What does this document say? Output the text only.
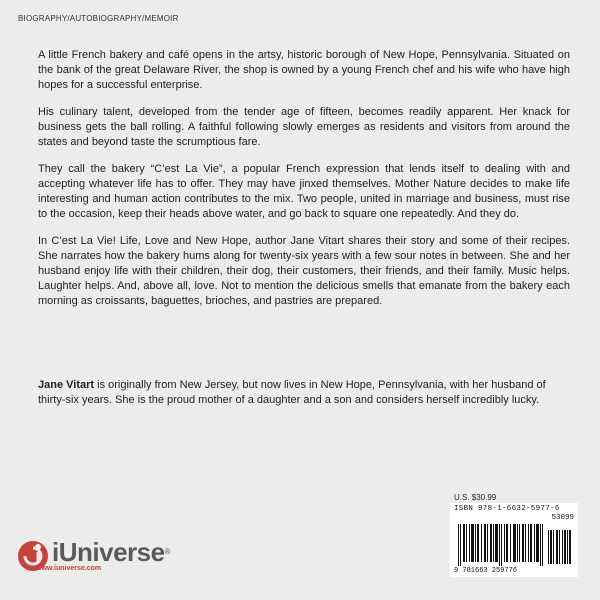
BIOGRAPHY/AUTOBIOGRAPHY/MEMOIR

A little French bakery and café opens in the artsy, historic borough of New Hope, Pennsylvania. Situated on the bank of the great Delaware River, the shop is owned by a young French chef and his wife who have high hopes for a successful enterprise.

His culinary talent, developed from the tender age of fifteen, becomes readily apparent. Her knack for business gets the ball rolling. A faithful following slowly emerges as residents and visitors from around the states and beyond taste the scrumptious fare.

They call the bakery “C’est La Vie”, a popular French expression that lends itself to dealing with and accepting whatever life has to offer. They may have jinxed themselves. Mother Nature decides to make life interesting and human action contributes to the mix. Two people, united in marriage and business, must rise to the occasion, keep their heads above water, and go back to square one repeatedly. And they do.

In C’est La Vie! Life, Love and New Hope, author Jane Vitart shares their story and some of their recipes. She narrates how the bakery hums along for twenty-six years with a few sour notes in between. She and her husband enjoy life with their children, their dog, their customers, their friends, and their family. Music helps. Laughter helps. And, above all, love. Not to mention the delicious smells that emanate from the bakery each morning as croissants, baguettes, brioches, and pastries are prepared.

Jane Vitart is originally from New Jersey, but now lives in New Hope, Pennsylvania, with her husband of thirty-six years. She is the proud mother of a daughter and a son and considers herself incredibly lucky.

U.S. $30.99
ISBN 978-1-6632-5977-6
53099
9 781663 259776
iUniverse®
www.iuniverse.com
